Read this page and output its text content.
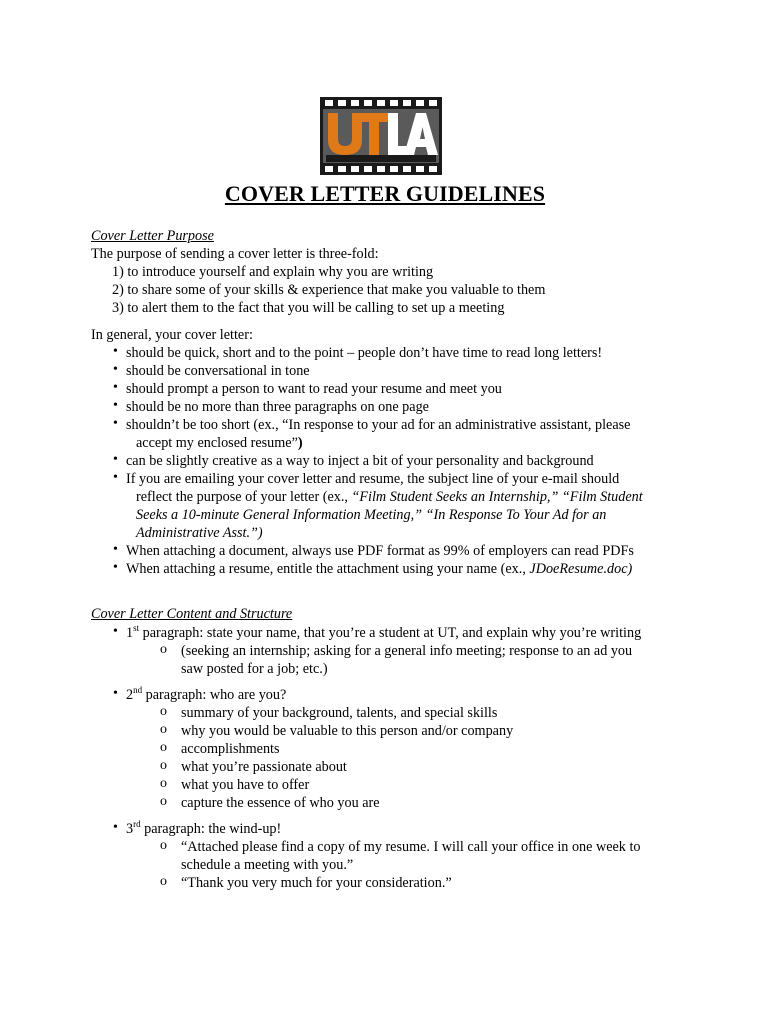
COVER LETTER GUIDELINES
Cover Letter Purpose
The purpose of sending a cover letter is three-fold:
1) to introduce yourself and explain why you are writing
2) to share some of your skills & experience that make you valuable to them
3) to alert them to the fact that you will be calling to set up a meeting
In general, your cover letter:
• should be quick, short and to the point – people don’t have time to read long letters!
• should be conversational in tone
• should prompt a person to want to read your resume and meet you
• should be no more than three paragraphs on one page
• shouldn’t be too short (ex., “In response to your ad for an administrative assistant, please
accept my enclosed resume”)
• can be slightly creative as a way to inject a bit of your personality and background
• If you are emailing your cover letter and resume, the subject line of your e-mail should
reflect the purpose of your letter (ex., “Film Student Seeks an Internship,” “Film Student
Seeks a 10-minute General Information Meeting,” “In Response To Your Ad for an
Administrative Asst.”)
• When attaching a document, always use PDF format as 99% of employers can read PDFs
• When attaching a resume, entitle the attachment using your name (ex., JDoeResume.doc)
Cover Letter Content and Structure
• 1st paragraph: state your name, that you’re a student at UT, and explain why you’re writing
o (seeking an internship; asking for a general info meeting; response to an ad you
saw posted for a job; etc.)
• 2nd paragraph: who are you?
o summary of your background, talents, and special skills
o why you would be valuable to this person and/or company
o accomplishments
o what you’re passionate about
o what you have to offer
o capture the essence of who you are
• 3rd paragraph: the wind-up!
o “Attached please find a copy of my resume. I will call your office in one week to
schedule a meeting with you.”
o “Thank you very much for your consideration.”
